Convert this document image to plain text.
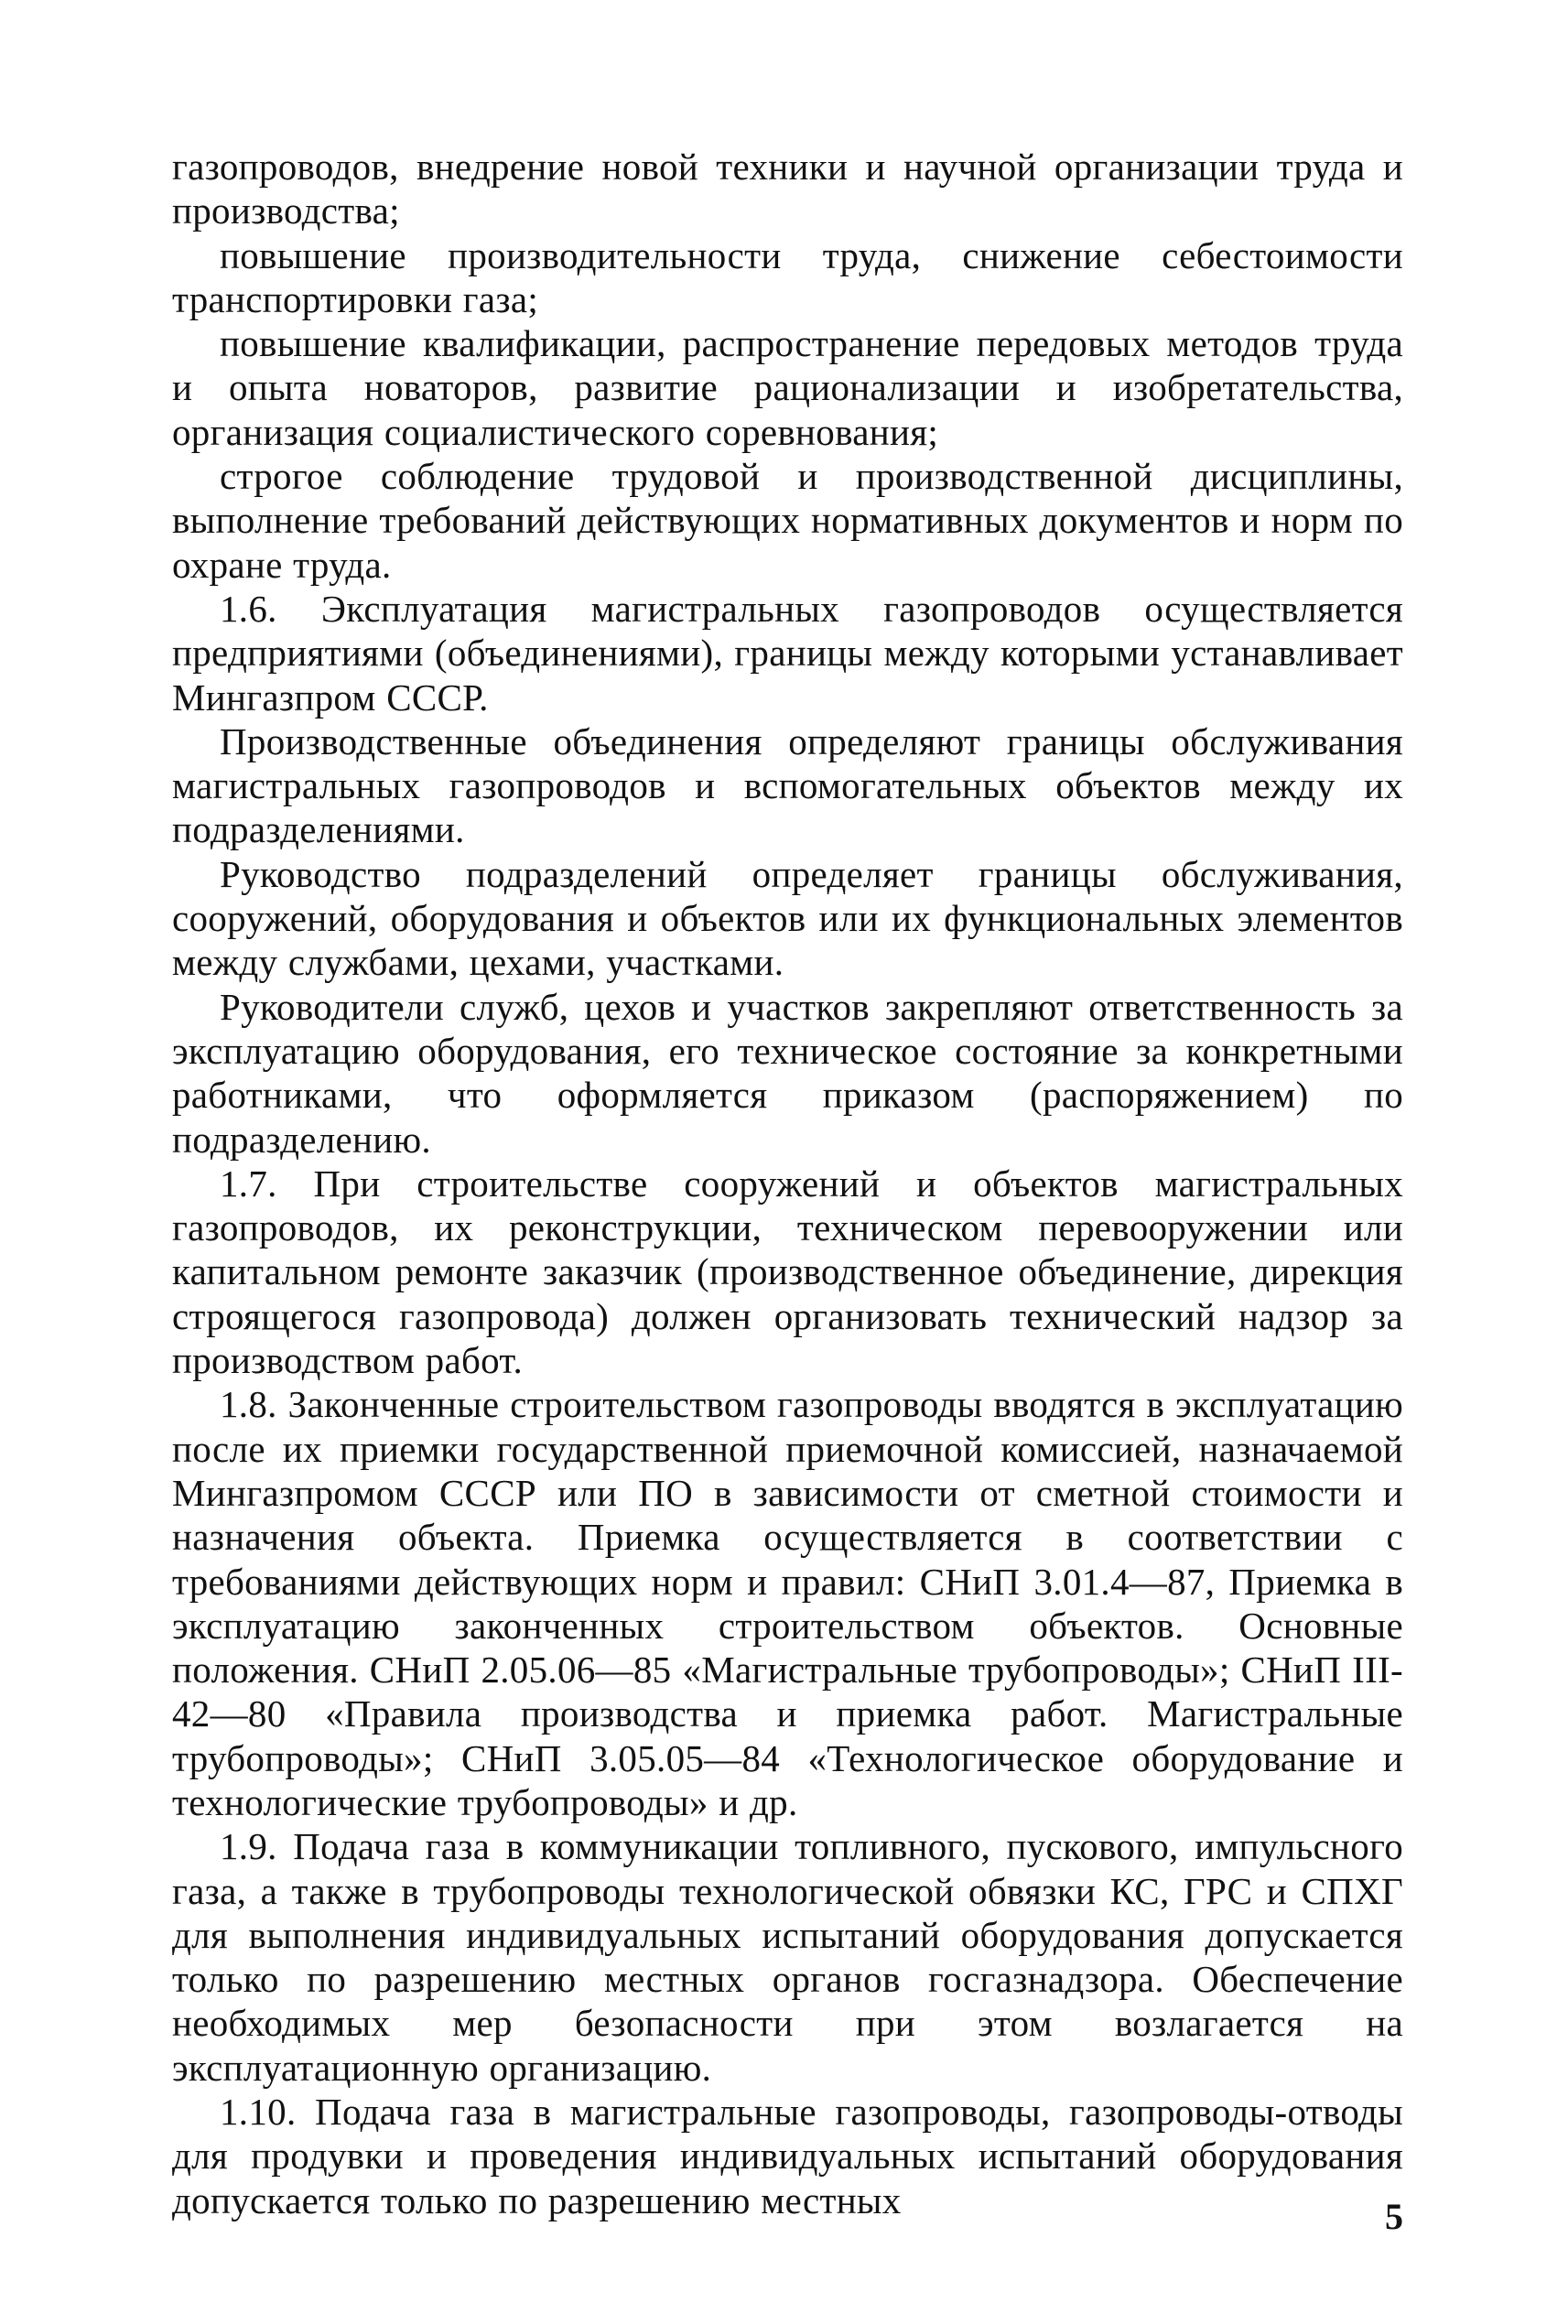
газопроводов, внедрение новой техники и научной организации труда и производства;

повышение производительности труда, снижение себестоимости транспортировки газа;

повышение квалификации, распространение передовых методов труда и опыта новаторов, развитие рационализации и изобретательства, организация социалистического соревнования;

строгое соблюдение трудовой и производственной дисциплины, выполнение требований действующих нормативных документов и норм по охране труда.

1.6. Эксплуатация магистральных газопроводов осуществляется предприятиями (объединениями), границы между которыми устанавливает Мингазпром СССР.

Производственные объединения определяют границы обслуживания магистральных газопроводов и вспомогательных объектов между их подразделениями.

Руководство подразделений определяет границы обслуживания, сооружений, оборудования и объектов или их функциональных элементов между службами, цехами, участками.

Руководители служб, цехов и участков закрепляют ответственность за эксплуатацию оборудования, его техническое состояние за конкретными работниками, что оформляется приказом (распоряжением) по подразделению.

1.7. При строительстве сооружений и объектов магистральных газопроводов, их реконструкции, техническом перевооружении или капитальном ремонте заказчик (производственное объединение, дирекция строящегося газопровода) должен организовать технический надзор за производством работ.

1.8. Законченные строительством газопроводы вводятся в эксплуатацию после их приемки государственной приемочной комиссией, назначаемой Мингазпромом СССР или ПО в зависимости от сметной стоимости и назначения объекта. Приемка осуществляется в соответствии с требованиями действующих норм и правил: СНиП 3.01.4—87, Приемка в эксплуатацию законченных строительством объектов. Основные положения. СНиП 2.05.06—85 «Магистральные трубопроводы»; СНиП III-42—80 «Правила производства и приемка работ. Магистральные трубопроводы»; СНиП 3.05.05—84 «Технологическое оборудование и технологические трубопроводы» и др.

1.9. Подача газа в коммуникации топливного, пускового, импульсного газа, а также в трубопроводы технологической обвязки КС, ГРС и СПХГ для выполнения индивидуальных испытаний оборудования допускается только по разрешению местных органов госгазнадзора. Обеспечение необходимых мер безопасности при этом возлагается на эксплуатационную организацию.

1.10. Подача газа в магистральные газопроводы, газопроводы-отводы для продувки и проведения индивидуальных испытаний оборудования допускается только по разрешению местных	5
